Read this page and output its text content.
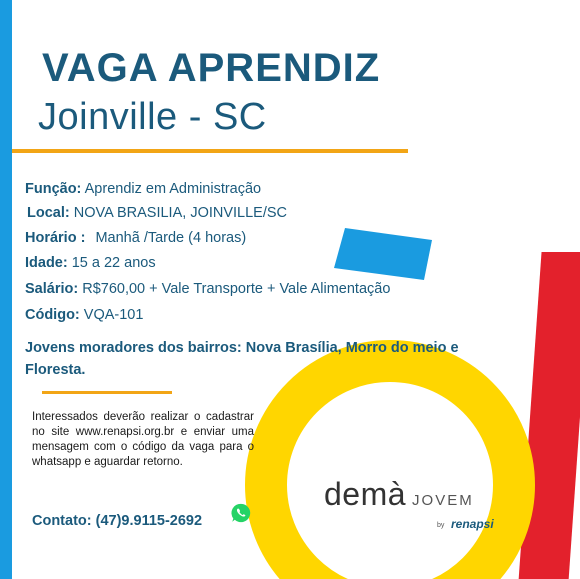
VAGA APRENDIZ
Joinville - SC
Função: Aprendiz em Administração
Local: NOVA BRASILIA, JOINVILLE/SC
Horário : Manhã /Tarde (4 horas)
Idade: 15 a 22 anos
Salário: R$760,00 + Vale Transporte + Vale Alimentação
Código: VQA-101

Jovens moradores dos bairros: Nova Brasília, Morro do meio e Floresta.

Interessados deverão realizar o cadastrar no site www.renapsi.org.br e enviar uma mensagem com o código da vaga para o whatsapp e aguardar retorno.

Contato: (47)9.9115-2692
demà JOVEM
by renapsi
